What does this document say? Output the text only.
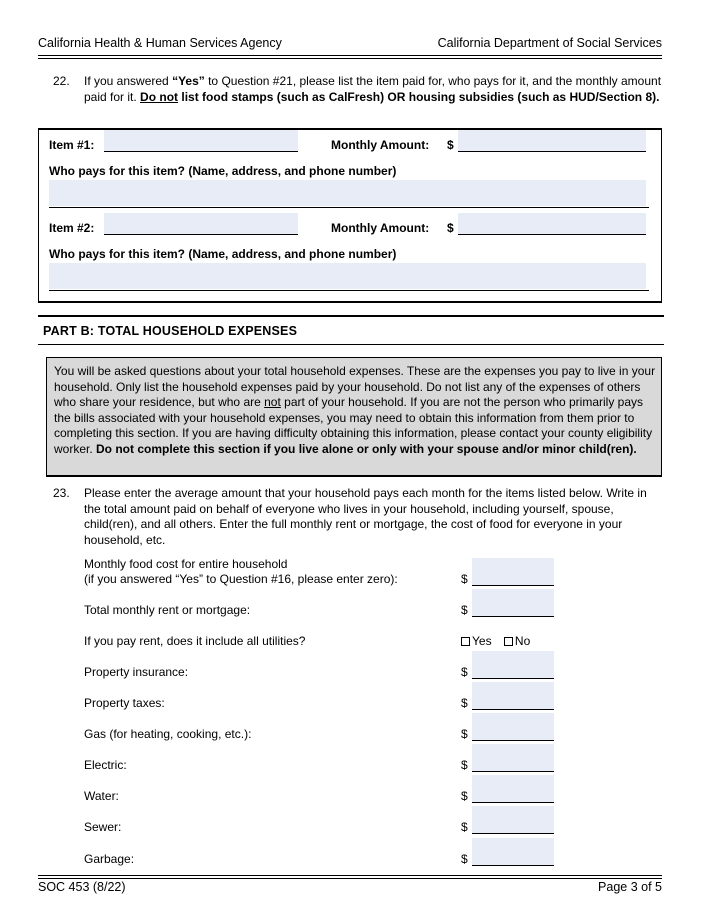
California Health & Human Services Agency	California Department of Social Services
22. If you answered “Yes” to Question #21, please list the item paid for, who pays for it, and the monthly amount paid for it. Do not list food stamps (such as CalFresh) OR housing subsidies (such as HUD/Section 8).
Item #1:	Monthly Amount: $
Who pays for this item? (Name, address, and phone number)
Item #2:	Monthly Amount: $
Who pays for this item? (Name, address, and phone number)
PART B: TOTAL HOUSEHOLD EXPENSES

You will be asked questions about your total household expenses. These are the expenses you pay to live in your household. Only list the household expenses paid by your household. Do not list any of the expenses of others who share your residence, but who are not part of your household. If you are not the person who primarily pays the bills associated with your household expenses, you may need to obtain this information from them prior to completing this section. If you are having difficulty obtaining this information, please contact your county eligibility worker. Do not complete this section if you live alone or only with your spouse and/or minor child(ren).

23. Please enter the average amount that your household pays each month for the items listed below. Write in the total amount paid on behalf of everyone who lives in your household, including yourself, spouse, child(ren), and all others. Enter the full monthly rent or mortgage, the cost of food for everyone in your household, etc.
Monthly food cost for entire household
(if you answered “Yes” to Question #16, please enter zero):	$
Total monthly rent or mortgage:	$
If you pay rent, does it include all utilities?	Yes No
Property insurance:	$
Property taxes:	$
Gas (for heating, cooking, etc.):	$
Electric:	$
Water:	$
Sewer:	$
Garbage:	$
SOC 453 (8/22)	Page 3 of 5
